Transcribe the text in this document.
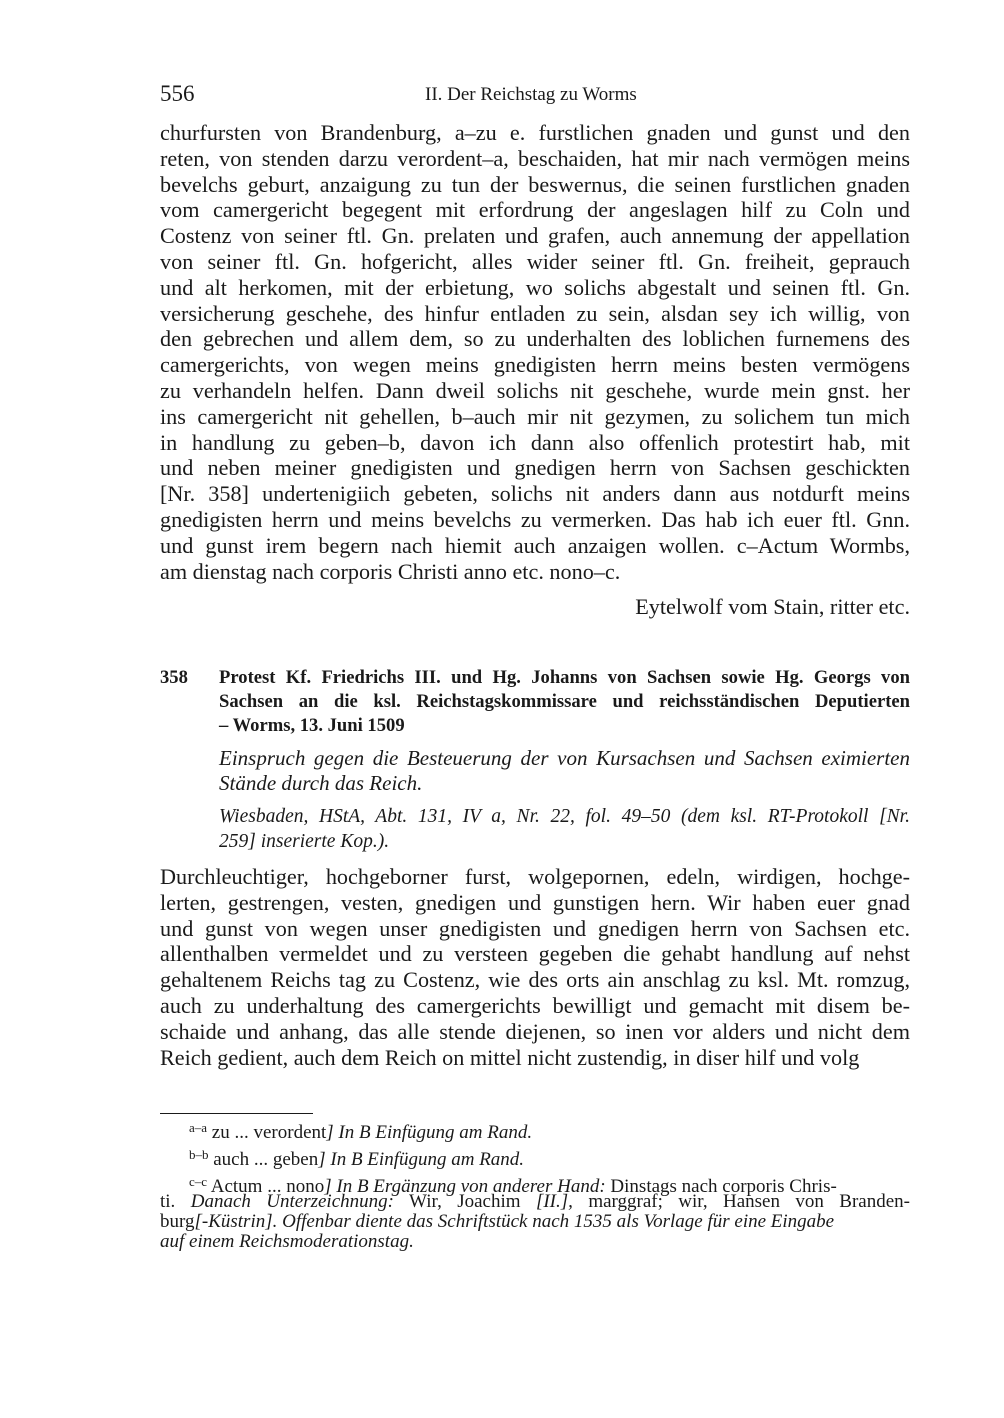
556	II. Der Reichstag zu Worms
churfursten von Brandenburg, a–zu e. furstlichen gnaden und gunst und den
reten, von stenden darzu verordent–a, beschaiden, hat mir nach vermögen meins
bevelchs geburt, anzaigung zu tun der beswernus, die seinen furstlichen gnaden
vom camergericht begegent mit erfordrung der angeslagen hilf zu Coln und
Costenz von seiner ftl. Gn. prelaten und grafen, auch annemung der appellation
von seiner ftl. Gn. hofgericht, alles wider seiner ftl. Gn. freiheit, geprauch
und alt herkomen, mit der erbietung, wo solichs abgestalt und seinen ftl. Gn.
versicherung geschehe, des hinfur entladen zu sein, alsdan sey ich willig, von
den gebrechen und allem dem, so zu underhalten des loblichen furnemens des
camergerichts, von wegen meins gnedigisten herrn meins besten vermögens
zu verhandeln helfen. Dann dweil solichs nit geschehe, wurde mein gnst. her
ins camergericht nit gehellen, b–auch mir nit gezymen, zu solichem tun mich
in handlung zu geben–b, davon ich dann also offenlich protestirt hab, mit
und neben meiner gnedigisten und gnedigen herrn von Sachsen geschickten
[Nr. 358] undertenigiich gebeten, solichs nit anders dann aus notdurft meins
gnedigisten herrn und meins bevelchs zu vermerken. Das hab ich euer ftl. Gnn.
und gunst irem begern nach hiemit auch anzaigen wollen. c–Actum Wormbs,
am dienstag nach corporis Christi anno etc. nono–c.
Eytelwolf vom Stain, ritter etc.
358 Protest Kf. Friedrichs III. und Hg. Johanns von Sachsen sowie Hg. Georgs von
Sachsen an die ksl. Reichstagskommissare und reichsständischen Deputierten
– Worms, 13. Juni 1509
Einspruch gegen die Besteuerung der von Kursachsen und Sachsen eximierten
Stände durch das Reich.
Wiesbaden, HStA, Abt. 131, IV a, Nr. 22, fol. 49–50 (dem ksl. RT-Protokoll [Nr.
259] inserierte Kop.).
Durchleuchtiger, hochgeborner furst, wolgepornen, edeln, wirdigen, hochge-
lerten, gestrengen, vesten, gnedigen und gunstigen hern. Wir haben euer gnad
und gunst von wegen unser gnedigisten und gnedigen herrn von Sachsen etc.
allenthalben vermeldet und zu versteen gegeben die gehabt handlung auf nehst
gehaltenem Reichs tag zu Costenz, wie des orts ain anschlag zu ksl. Mt. romzug,
auch zu underhaltung des camergerichts bewilligt und gemacht mit disem be-
schaide und anhang, das alle stende diejenen, so inen vor alders und nicht dem
Reich gedient, auch dem Reich on mittel nicht zustendig, in diser hilf und volg
$^{a-a}$ zu ... verordent] In B Einfügung am Rand.
$^{b-b}$ auch ... geben] In B Einfügung am Rand.
$^{c-c}$ Actum ... nono] In B Ergänzung von anderer Hand: Dinstags nach corporis Chris-
ti. Danach Unterzeichnung: Wir, Joachim [II.], marggraf; wir, Hansen von Branden-
burg[-Küstrin]. Offenbar diente das Schriftstück nach 1535 als Vorlage für eine Eingabe
auf einem Reichsmoderationstag.
